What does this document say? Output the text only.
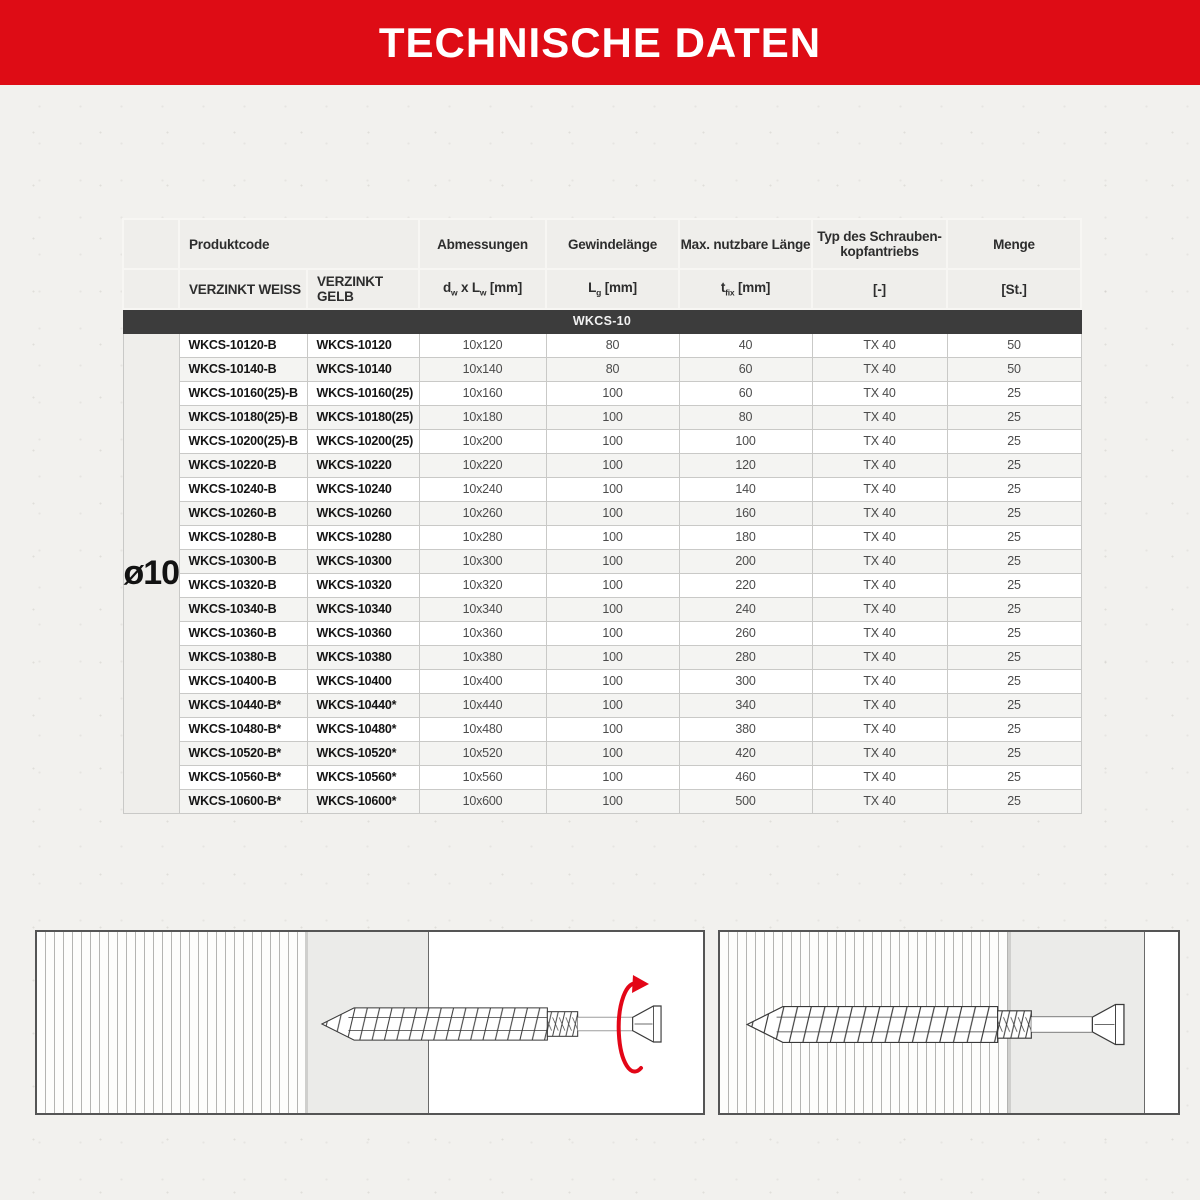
TECHNISCHE DATEN
	Produktcode		Abmessungen	Gewindelänge	Max. nutzbare Länge	Typ des Schrauben-
kopfantriebs	Menge
	VERZINKT WEISS	VERZINKT GELB	$d_w$ x $L_w$ [mm]	$L_g$ [mm]	$t_{fix}$ [mm]	[-]	[St.]
WKCS-10							
ø10	WKCS-10120-B	WKCS-10120	10x120	80	40	TX 40	50
	WKCS-10140-B	WKCS-10140	10x140	80	60	TX 40	50
	WKCS-10160(25)-B	WKCS-10160(25)	10x160	100	60	TX 40	25
	WKCS-10180(25)-B	WKCS-10180(25)	10x180	100	80	TX 40	25
	WKCS-10200(25)-B	WKCS-10200(25)	10x200	100	100	TX 40	25
	WKCS-10220-B	WKCS-10220	10x220	100	120	TX 40	25
	WKCS-10240-B	WKCS-10240	10x240	100	140	TX 40	25
	WKCS-10260-B	WKCS-10260	10x260	100	160	TX 40	25
	WKCS-10280-B	WKCS-10280	10x280	100	180	TX 40	25
	WKCS-10300-B	WKCS-10300	10x300	100	200	TX 40	25
	WKCS-10320-B	WKCS-10320	10x320	100	220	TX 40	25
	WKCS-10340-B	WKCS-10340	10x340	100	240	TX 40	25
	WKCS-10360-B	WKCS-10360	10x360	100	260	TX 40	25
	WKCS-10380-B	WKCS-10380	10x380	100	280	TX 40	25
	WKCS-10400-B	WKCS-10400	10x400	100	300	TX 40	25
	WKCS-10440-B*	WKCS-10440*	10x440	100	340	TX 40	25
	WKCS-10480-B*	WKCS-10480*	10x480	100	380	TX 40	25
	WKCS-10520-B*	WKCS-10520*	10x520	100	420	TX 40	25
	WKCS-10560-B*	WKCS-10560*	10x560	100	460	TX 40	25
	WKCS-10600-B*	WKCS-10600*	10x600	100	500	TX 40	25
